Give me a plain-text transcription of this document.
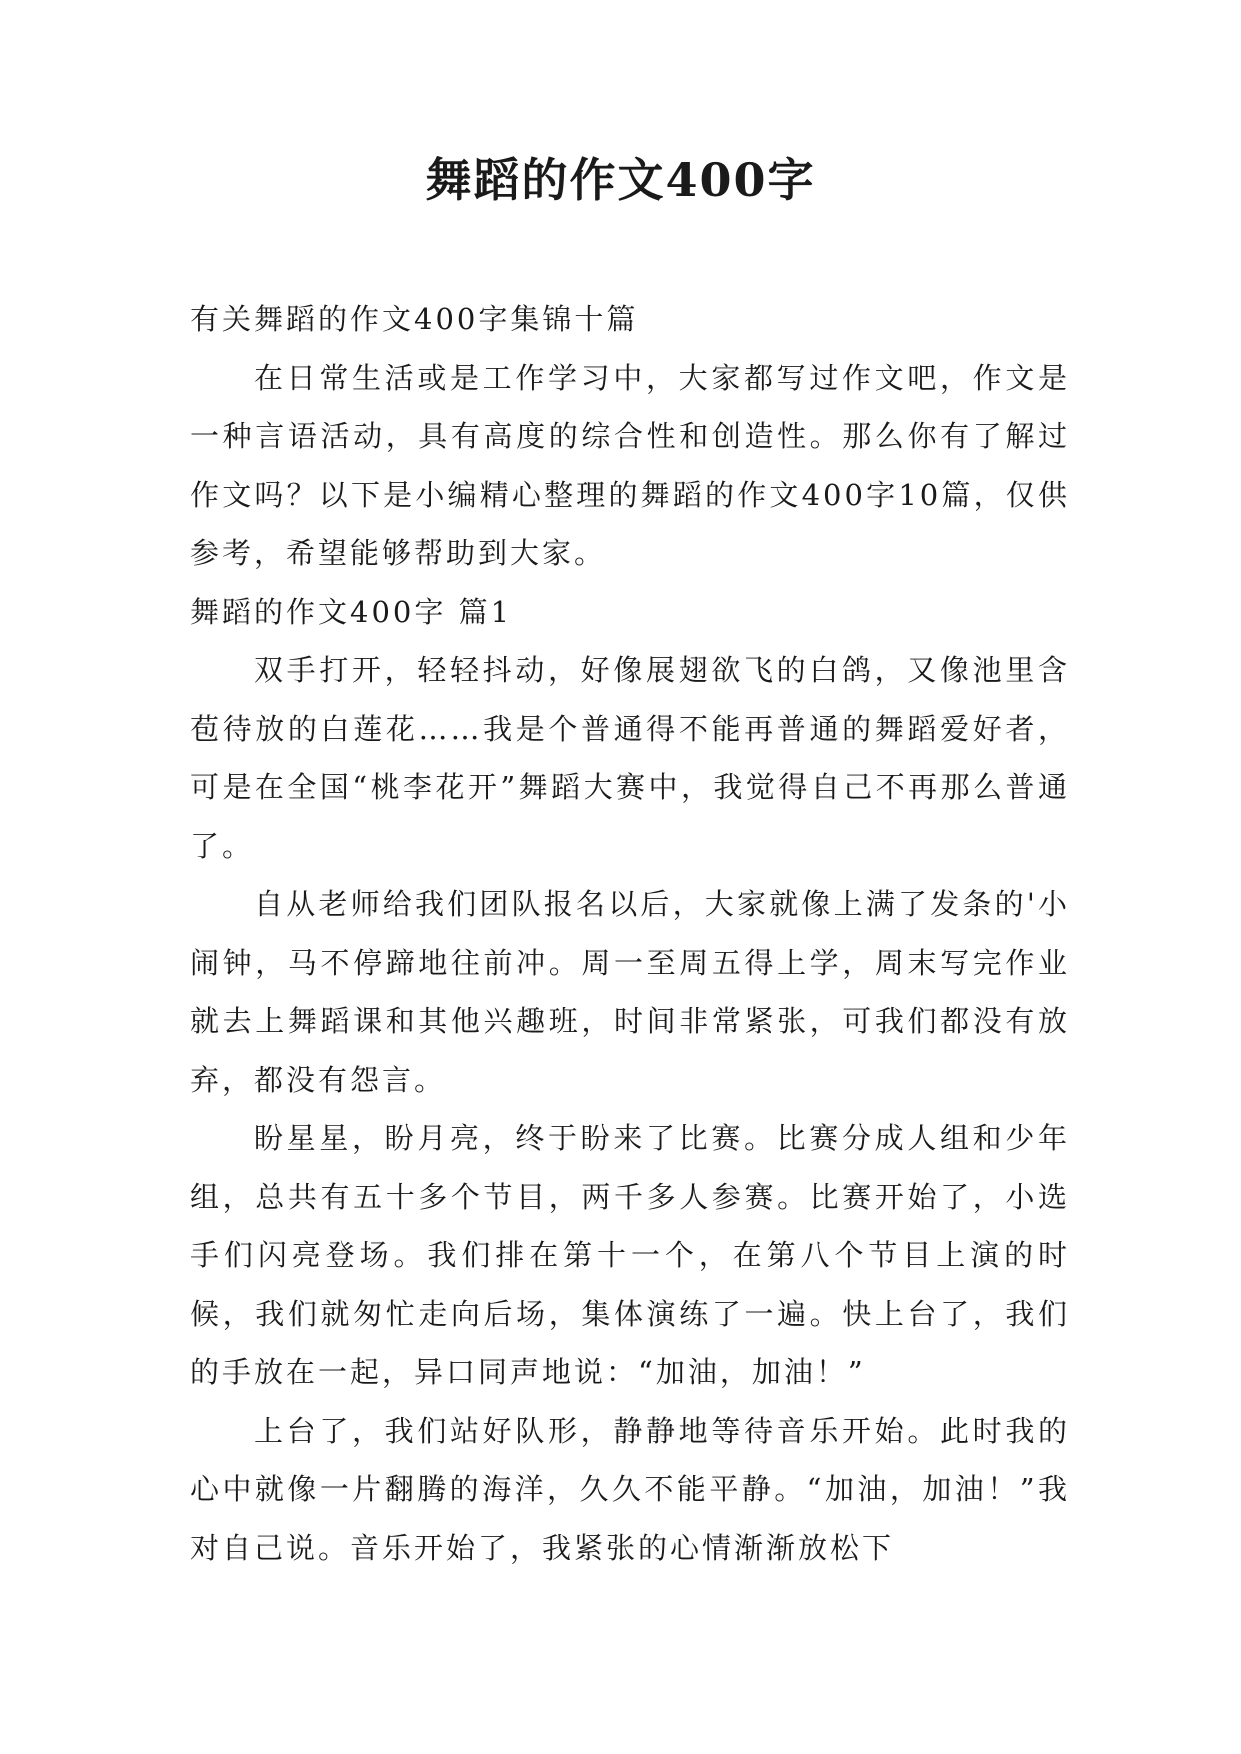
舞蹈的作文400字

有关舞蹈的作文400字集锦十篇

在日常生活或是工作学习中，大家都写过作文吧，作文是一种言语活动，具有高度的综合性和创造性。那么你有了解过作文吗？以下是小编精心整理的舞蹈的作文400字10篇，仅供参考，希望能够帮助到大家。

舞蹈的作文400字 篇1

双手打开，轻轻抖动，好像展翅欲飞的白鸽，又像池里含苞待放的白莲花……我是个普通得不能再普通的舞蹈爱好者，可是在全国“桃李花开”舞蹈大赛中，我觉得自己不再那么普通了。

自从老师给我们团队报名以后，大家就像上满了发条的'小闹钟，马不停蹄地往前冲。周一至周五得上学，周末写完作业就去上舞蹈课和其他兴趣班，时间非常紧张，可我们都没有放弃，都没有怨言。

盼星星，盼月亮，终于盼来了比赛。比赛分成人组和少年组，总共有五十多个节目，两千多人参赛。比赛开始了，小选手们闪亮登场。我们排在第十一个，在第八个节目上演的时候，我们就匆忙走向后场，集体演练了一遍。快上台了，我们的手放在一起，异口同声地说：“加油，加油！”

上台了，我们站好队形，静静地等待音乐开始。此时我的心中就像一片翻腾的海洋，久久不能平静。“加油，加油！”我对自己说。音乐开始了，我紧张的心情渐渐放松下
